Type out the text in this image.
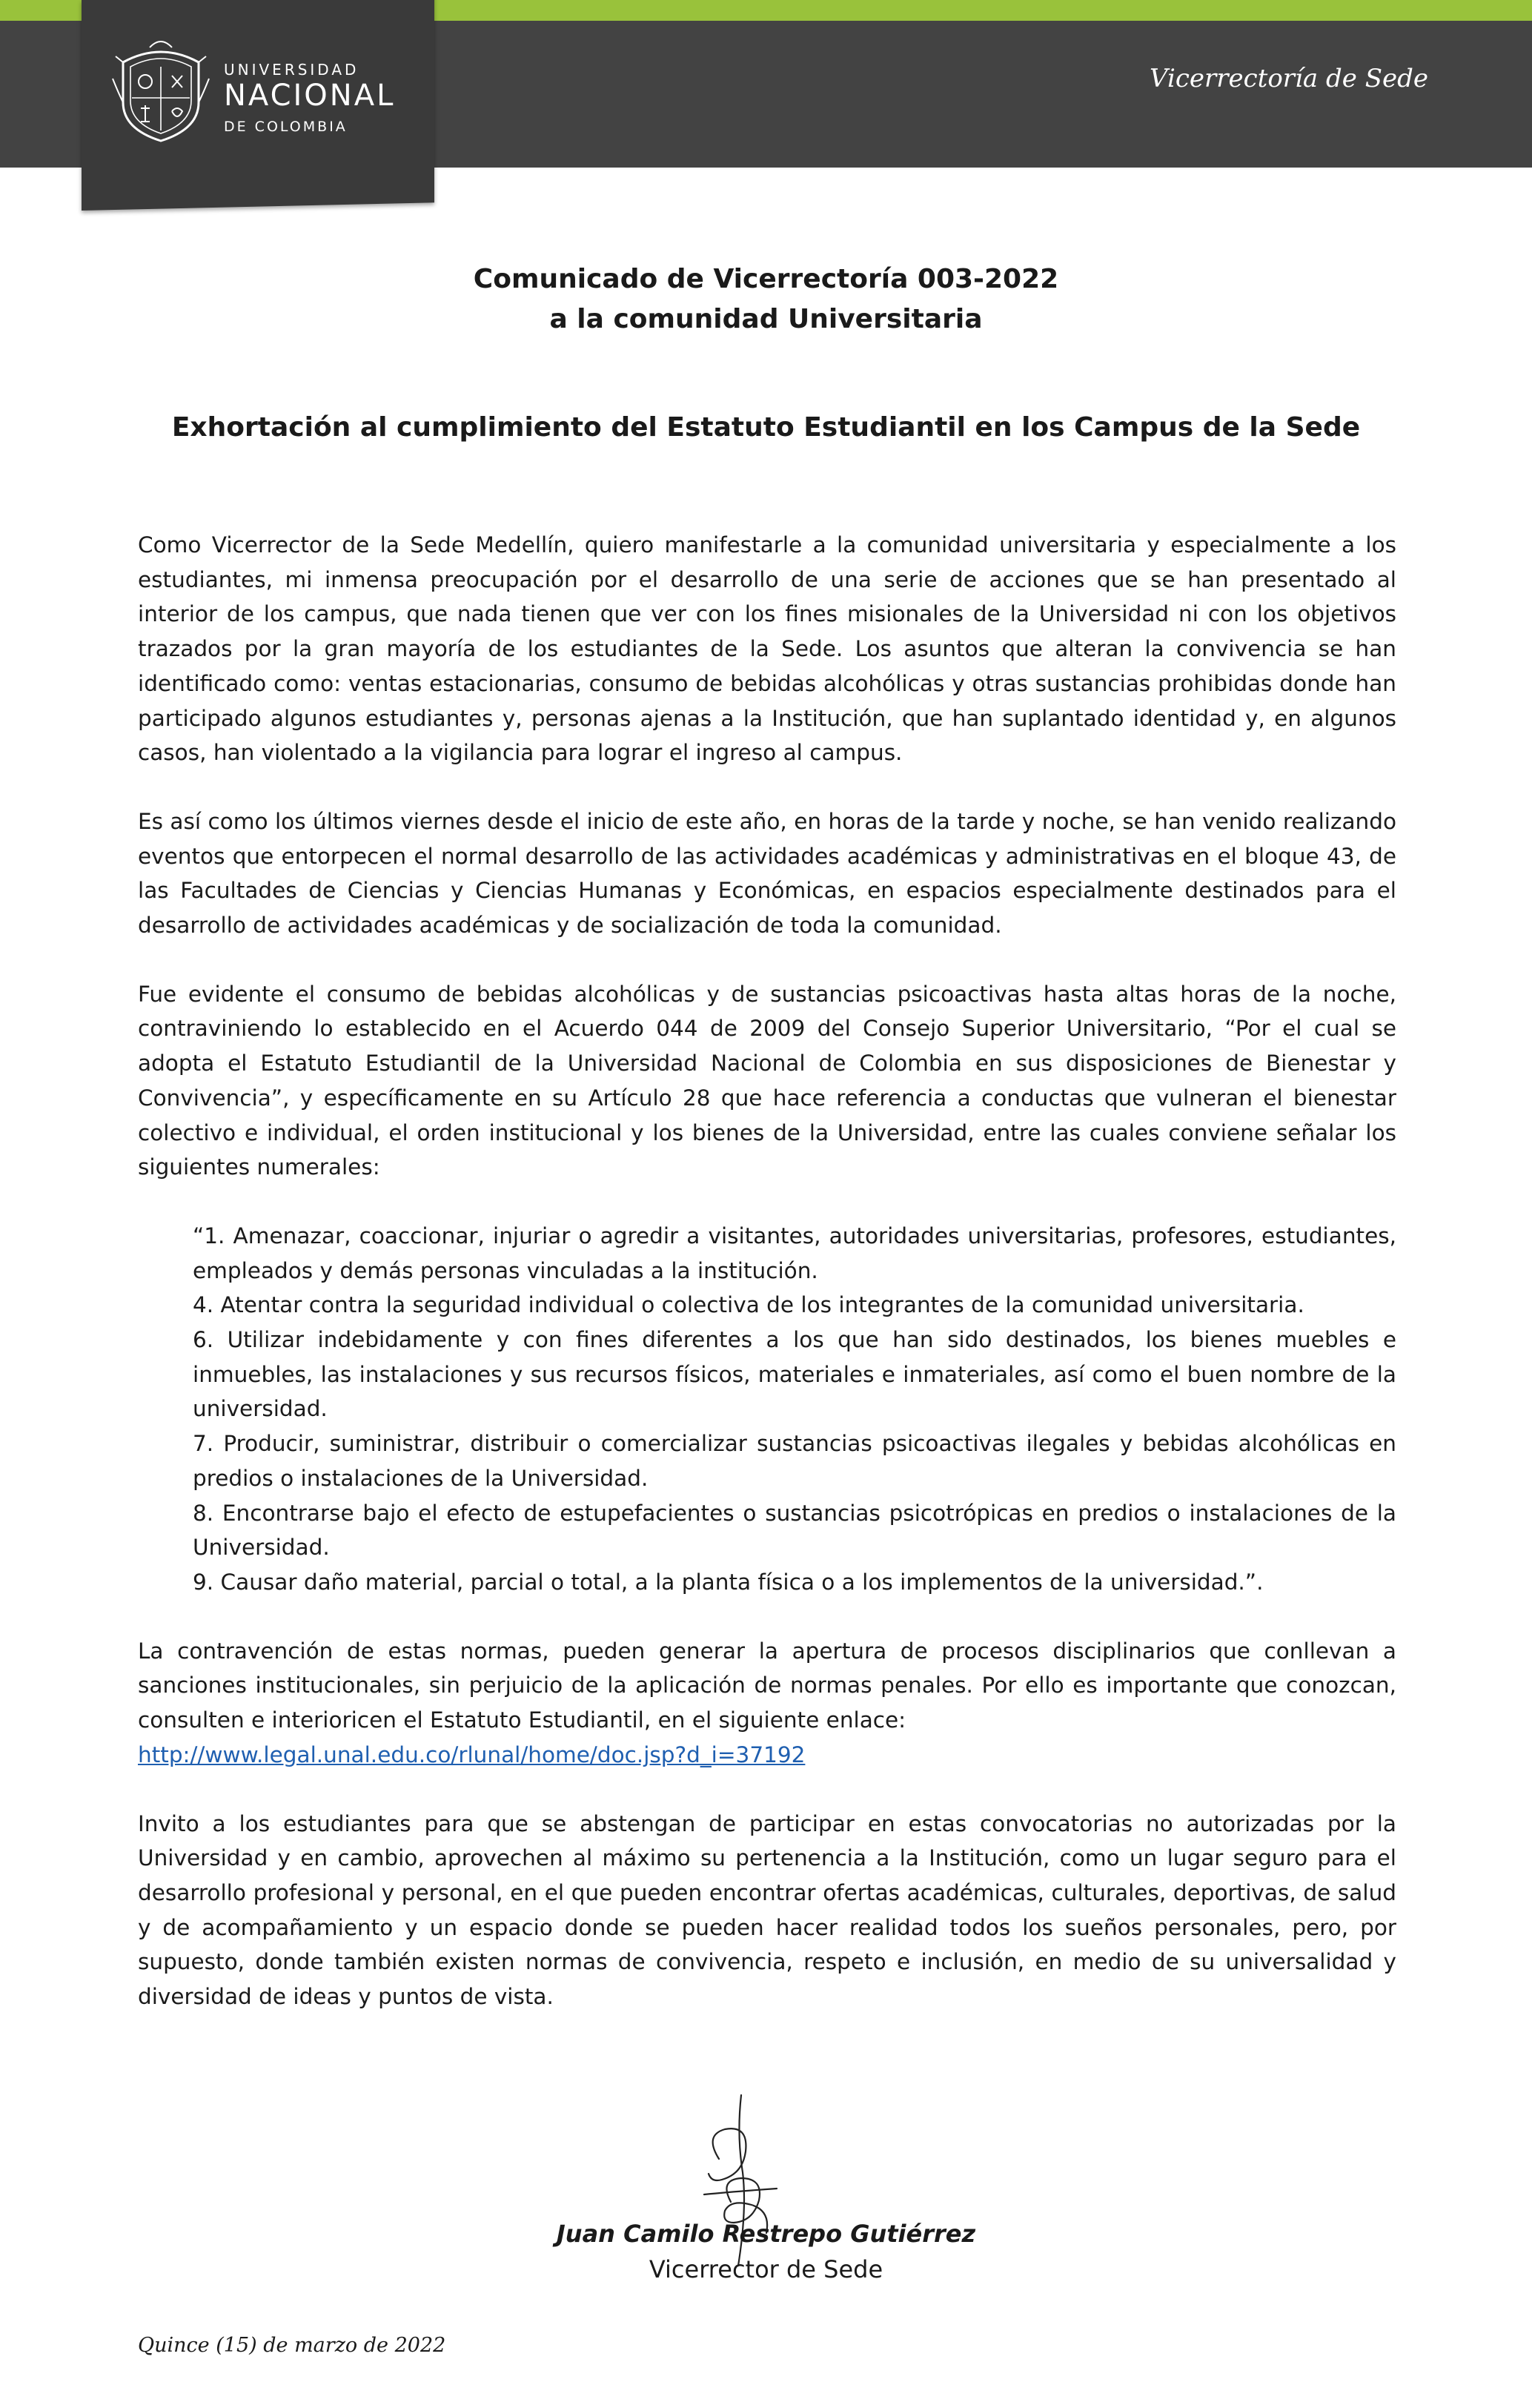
Vicerrectoría de Sede
UNIVERSIDAD
NACIONAL
DE COLOMBIA
Comunicado de Vicerrectoría 003-2022
a la comunidad Universitaria
Exhortación al cumplimiento del Estatuto Estudiantil en los Campus de la Sede

Como Vicerrector de la Sede Medellín, quiero manifestarle a la comunidad universitaria y especialmente a los estudiantes, mi inmensa preocupación por el desarrollo de una serie de acciones que se han presentado al interior de los campus, que nada tienen que ver con los fines misionales de la Universidad ni con los objetivos trazados por la gran mayoría de los estudiantes de la Sede. Los asuntos que alteran la convivencia se han identificado como: ventas estacionarias, consumo de bebidas alcohólicas y otras sustancias prohibidas donde han participado algunos estudiantes y, personas ajenas a la Institución, que han suplantado identidad y, en algunos casos, han violentado a la vigilancia para lograr el ingreso al campus.

Es así como los últimos viernes desde el inicio de este año, en horas de la tarde y noche, se han venido realizando eventos que entorpecen el normal desarrollo de las actividades académicas y administrativas en el bloque 43, de las Facultades de Ciencias y Ciencias Humanas y Económicas, en espacios especialmente destinados para el desarrollo de actividades académicas y de socialización de toda la comunidad.

Fue evidente el consumo de bebidas alcohólicas y de sustancias psicoactivas hasta altas horas de la noche, contraviniendo lo establecido en el Acuerdo 044 de 2009 del Consejo Superior Universitario, “Por el cual se adopta el Estatuto Estudiantil de la Universidad Nacional de Colombia en sus disposiciones de Bienestar y Convivencia”, y específicamente en su Artículo 28 que hace referencia a conductas que vulneran el bienestar colectivo e individual, el orden institucional y los bienes de la Universidad, entre las cuales conviene señalar los siguientes numerales:

“1. Amenazar, coaccionar, injuriar o agredir a visitantes, autoridades universitarias, profesores, estudiantes, empleados y demás personas vinculadas a la institución.

4. Atentar contra la seguridad individual o colectiva de los integrantes de la comunidad universitaria.

6. Utilizar indebidamente y con fines diferentes a los que han sido destinados, los bienes muebles e inmuebles, las instalaciones y sus recursos físicos, materiales e inmateriales, así como el buen nombre de la universidad.

7. Producir, suministrar, distribuir o comercializar sustancias psicoactivas ilegales y bebidas alcohólicas en predios o instalaciones de la Universidad.

8. Encontrarse bajo el efecto de estupefacientes o sustancias psicotrópicas en predios o instalaciones de la Universidad.

9. Causar daño material, parcial o total, a la planta física o a los implementos de la universidad.”.

La contravención de estas normas, pueden generar la apertura de procesos disciplinarios que conllevan a sanciones institucionales, sin perjuicio de la aplicación de normas penales. Por ello es importante que conozcan, consulten e interioricen el Estatuto Estudiantil, en el siguiente enlace:
http://www.legal.unal.edu.co/rlunal/home/doc.jsp?d_i=37192

Invito a los estudiantes para que se abstengan de participar en estas convocatorias no autorizadas por la Universidad y en cambio, aprovechen al máximo su pertenencia a la Institución, como un lugar seguro para el desarrollo profesional y personal, en el que pueden encontrar ofertas académicas, culturales, deportivas, de salud y de acompañamiento y un espacio donde se pueden hacer realidad todos los sueños personales, pero, por supuesto, donde también existen normas de convivencia, respeto e inclusión, en medio de su universalidad y diversidad de ideas y puntos de vista.

Juan Camilo Restrepo Gutiérrez
Vicerrector de Sede
Quince (15) de marzo de 2022
